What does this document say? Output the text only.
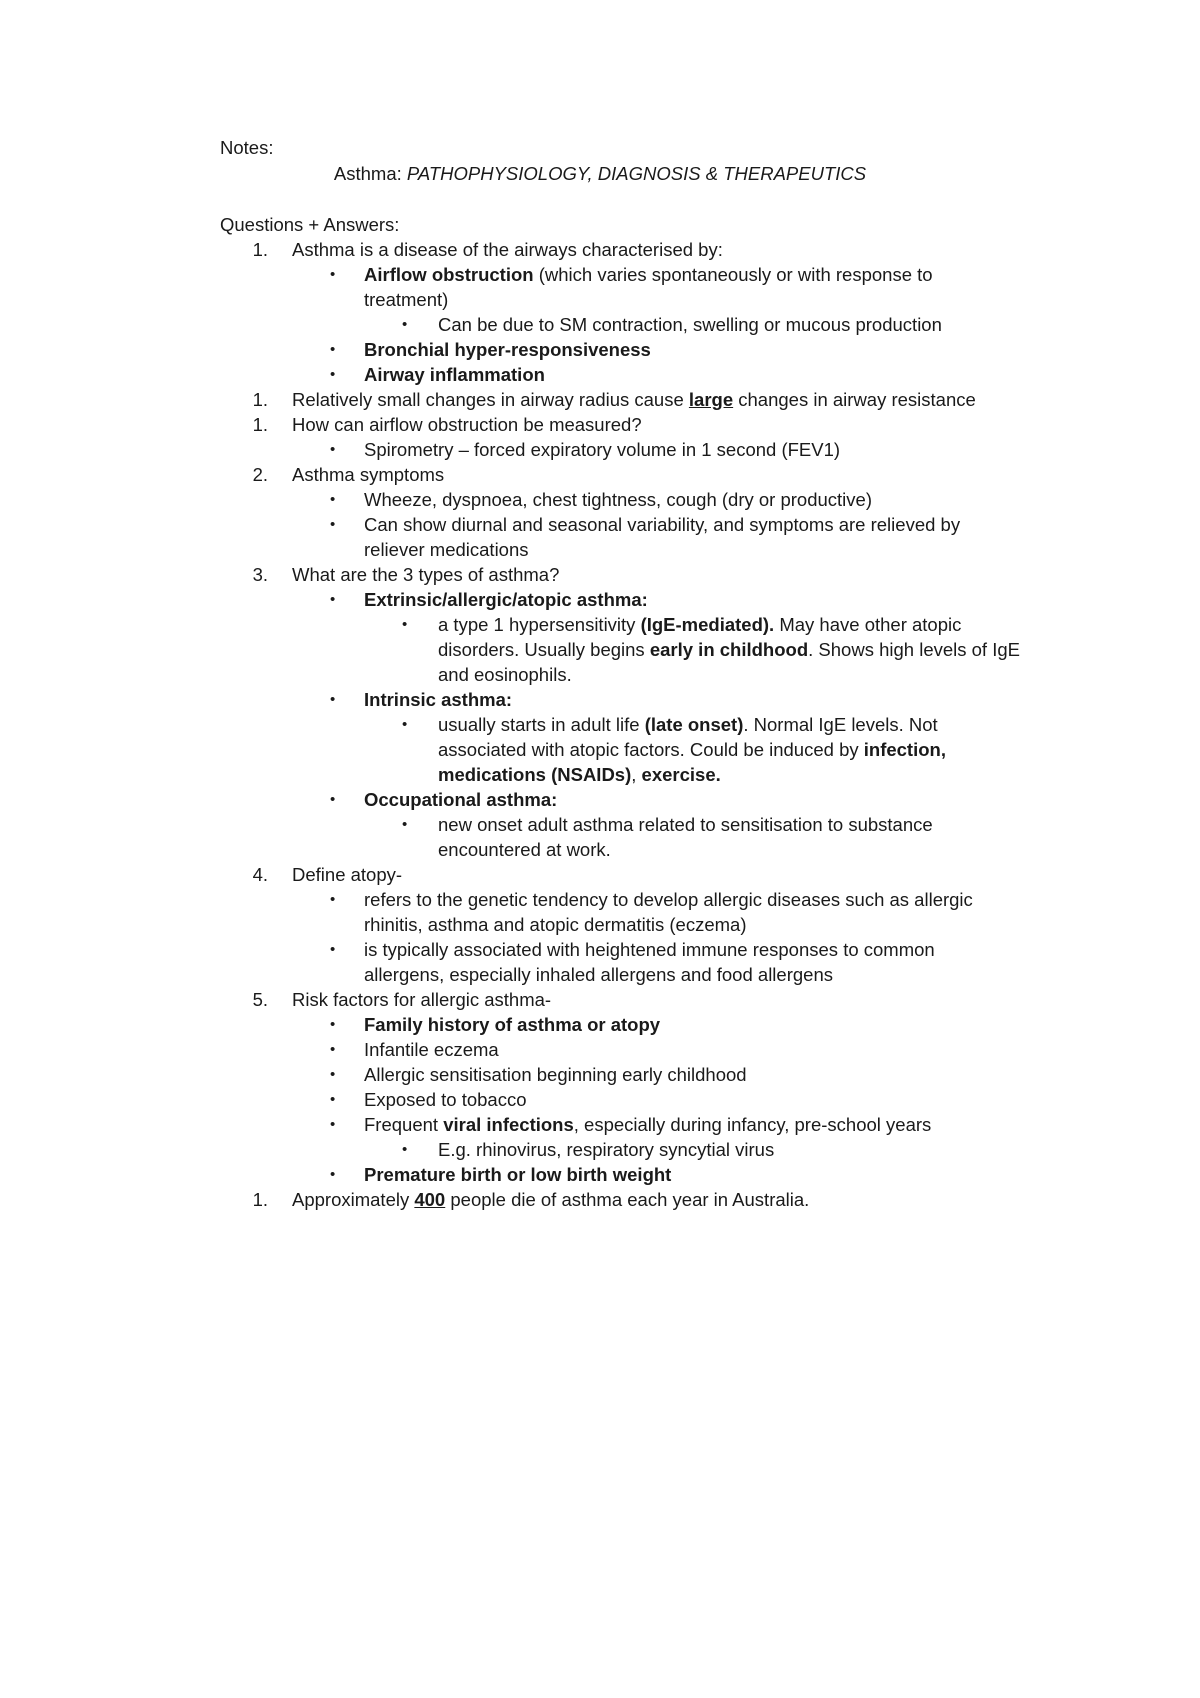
Notes:
Asthma: PATHOPHYSIOLOGY, DIAGNOSIS & THERAPEUTICS
Questions + Answers:
1. Asthma is a disease of the airways characterised by:
• Airflow obstruction (which varies spontaneously or with response to
treatment)
• Can be due to SM contraction, swelling or mucous production
• Bronchial hyper-responsiveness
• Airway inflammation
1. Relatively small changes in airway radius cause large changes in airway resistance
1. How can airflow obstruction be measured?
• Spirometry – forced expiratory volume in 1 second (FEV1)
2. Asthma symptoms
• Wheeze, dyspnoea, chest tightness, cough (dry or productive)
• Can show diurnal and seasonal variability, and symptoms are relieved by
reliever medications
3. What are the 3 types of asthma?
• Extrinsic/allergic/atopic asthma:
• a type 1 hypersensitivity (IgE-mediated). May have other atopic
disorders. Usually begins early in childhood. Shows high levels of IgE
and eosinophils.
• Intrinsic asthma:
• usually starts in adult life (late onset). Normal IgE levels. Not
associated with atopic factors. Could be induced by infection,
medications (NSAIDs), exercise.
• Occupational asthma:
• new onset adult asthma related to sensitisation to substance
encountered at work.
4. Define atopy-
• refers to the genetic tendency to develop allergic diseases such as allergic
rhinitis, asthma and atopic dermatitis (eczema)
• is typically associated with heightened immune responses to common
allergens, especially inhaled allergens and food allergens
5. Risk factors for allergic asthma-
• Family history of asthma or atopy
• Infantile eczema
• Allergic sensitisation beginning early childhood
• Exposed to tobacco
• Frequent viral infections, especially during infancy, pre-school years
• E.g. rhinovirus, respiratory syncytial virus
• Premature birth or low birth weight
1. Approximately 400 people die of asthma each year in Australia.
